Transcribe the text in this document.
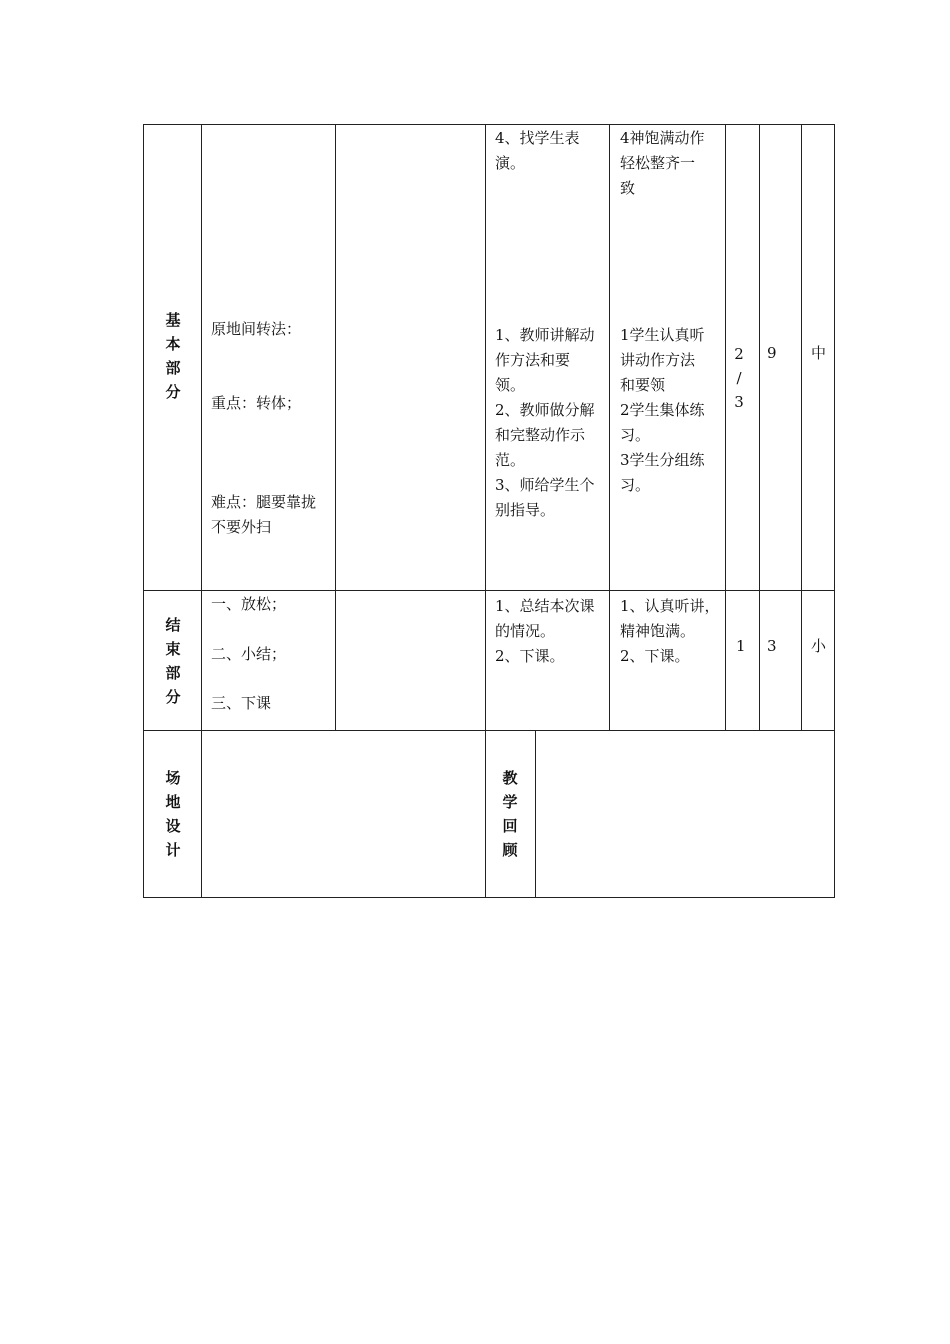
基
本
部
分
原地间转法：
重点：转体；
难点：腿要靠拢
不要外扫
4、找学生表
演。
1、教师讲解动
作方法和要
领。
2、教师做分解
和完整动作示
范。
3、师给学生个
别指导。
4神饱满动作
轻松整齐一
致
1学生认真听
讲动作方法
和要领
2学生集体练
习。
3学生分组练
习。
2
/
3
9 中
结
束
部
分
一、放松；
二、小结；
三、下课
1、总结本次课
的情况。
2、下课。
1、认真听讲，
精神饱满。
2、下课。
1 3 小
场
地
设
计
教
学
回
顾
